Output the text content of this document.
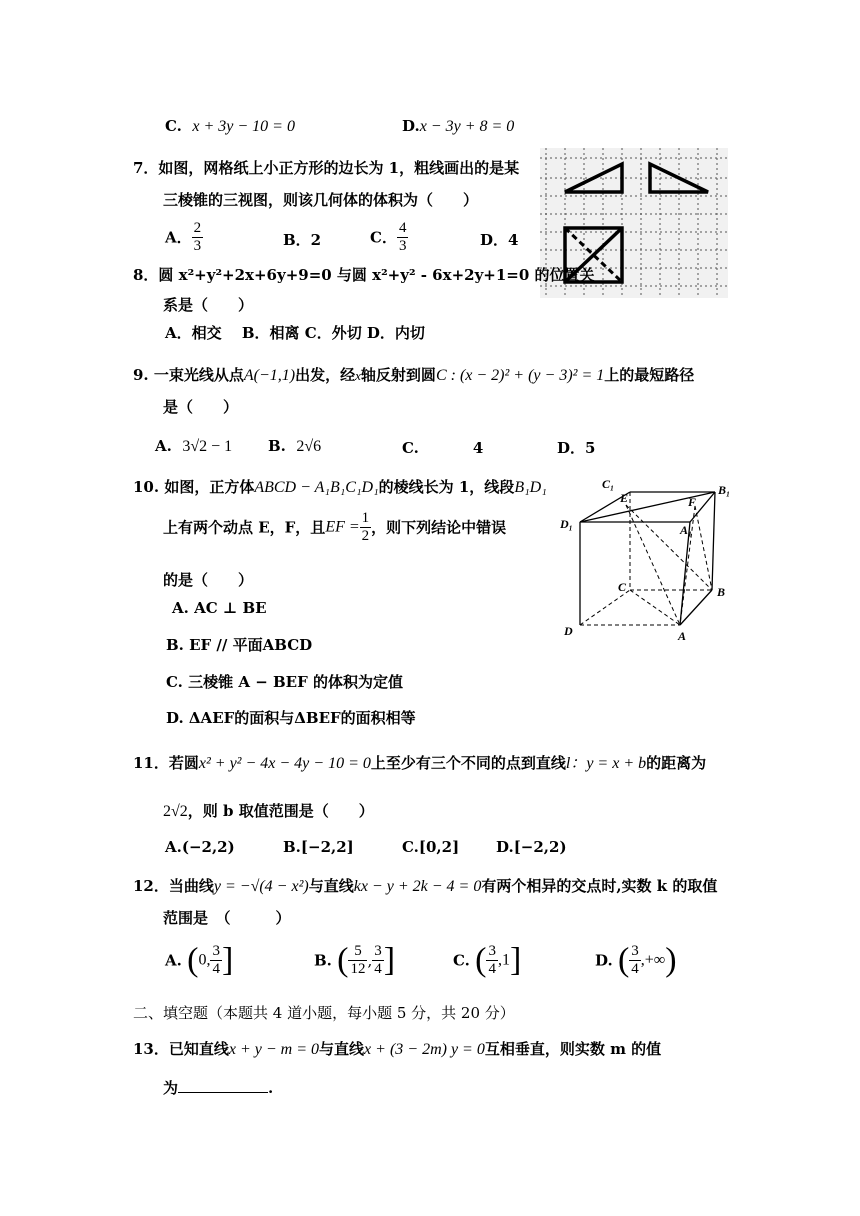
C. x + 3y − 10 = 0	D.x − 3y + 8 = 0
7．如图，网格纸上小正方形的边长为 1，粗线画出的是某
三棱锥的三视图，则该几何体的体积为（　　）
A． $\frac{2}{3}$	B．2	C． $\frac{4}{3}$	D．4
8．圆 x²+y²+2x+6y+9=0 与圆 x²+y² ‑ 6x+2y+1=0 的位置关
系是（　　）
A．相交　 B．相离 C．外切 D．内切
9. 一束光线从点A(−1,1)出发，经x轴反射到圆C : (x − 2)² + (y − 3)² = 1上的最短路径
是（　　）
A. 3√2 − 1 B. 2√6	C.	4	D．5
10. 如图，正方体ABCD − A₁B₁C₁D₁的棱线长为 1，线段B₁D₁
上有两个动点 E，F，且EF = $\frac{1}{2}$ ，则下列结论中错误
的是（　　）
A. AC ⊥ BE
B. EF // 平面ABCD
C. 三棱锥 A − BEF 的体积为定值
D. ΔAEF的面积与ΔBEF的面积相等
C₁	B₁
D₁
E	F
A₁
C	B
D	A
11．若圆x² + y² − 4x − 4y − 10 = 0上至少有三个不同的点到直线l：y = x + b的距离为
2√2，则 b 取值范围是（　　）
A.(−2,2)	B.[−2,2]	C.[0,2] D.[−2,2)
12．当曲线y = −√(4 − x²)与直线kx − y + 2k − 4 = 0有两个相异的交点时,实数 k 的取值
范围是　（　　　）
A. (0, $\frac{3}{4}$ ]	B. ( $\frac{5}{12}$ , $\frac{3}{4}$ ]	C. ( $\frac{3}{4} ,1$]	D. ( $\frac{3}{4}$ ,+∞)
二、填空题（本题共 4 道小题，每小题 5 分，共 20 分）
13．已知直线x + y − m = 0与直线x + (3 − 2m) y = 0互相垂直，则实数 m 的值
为	.
